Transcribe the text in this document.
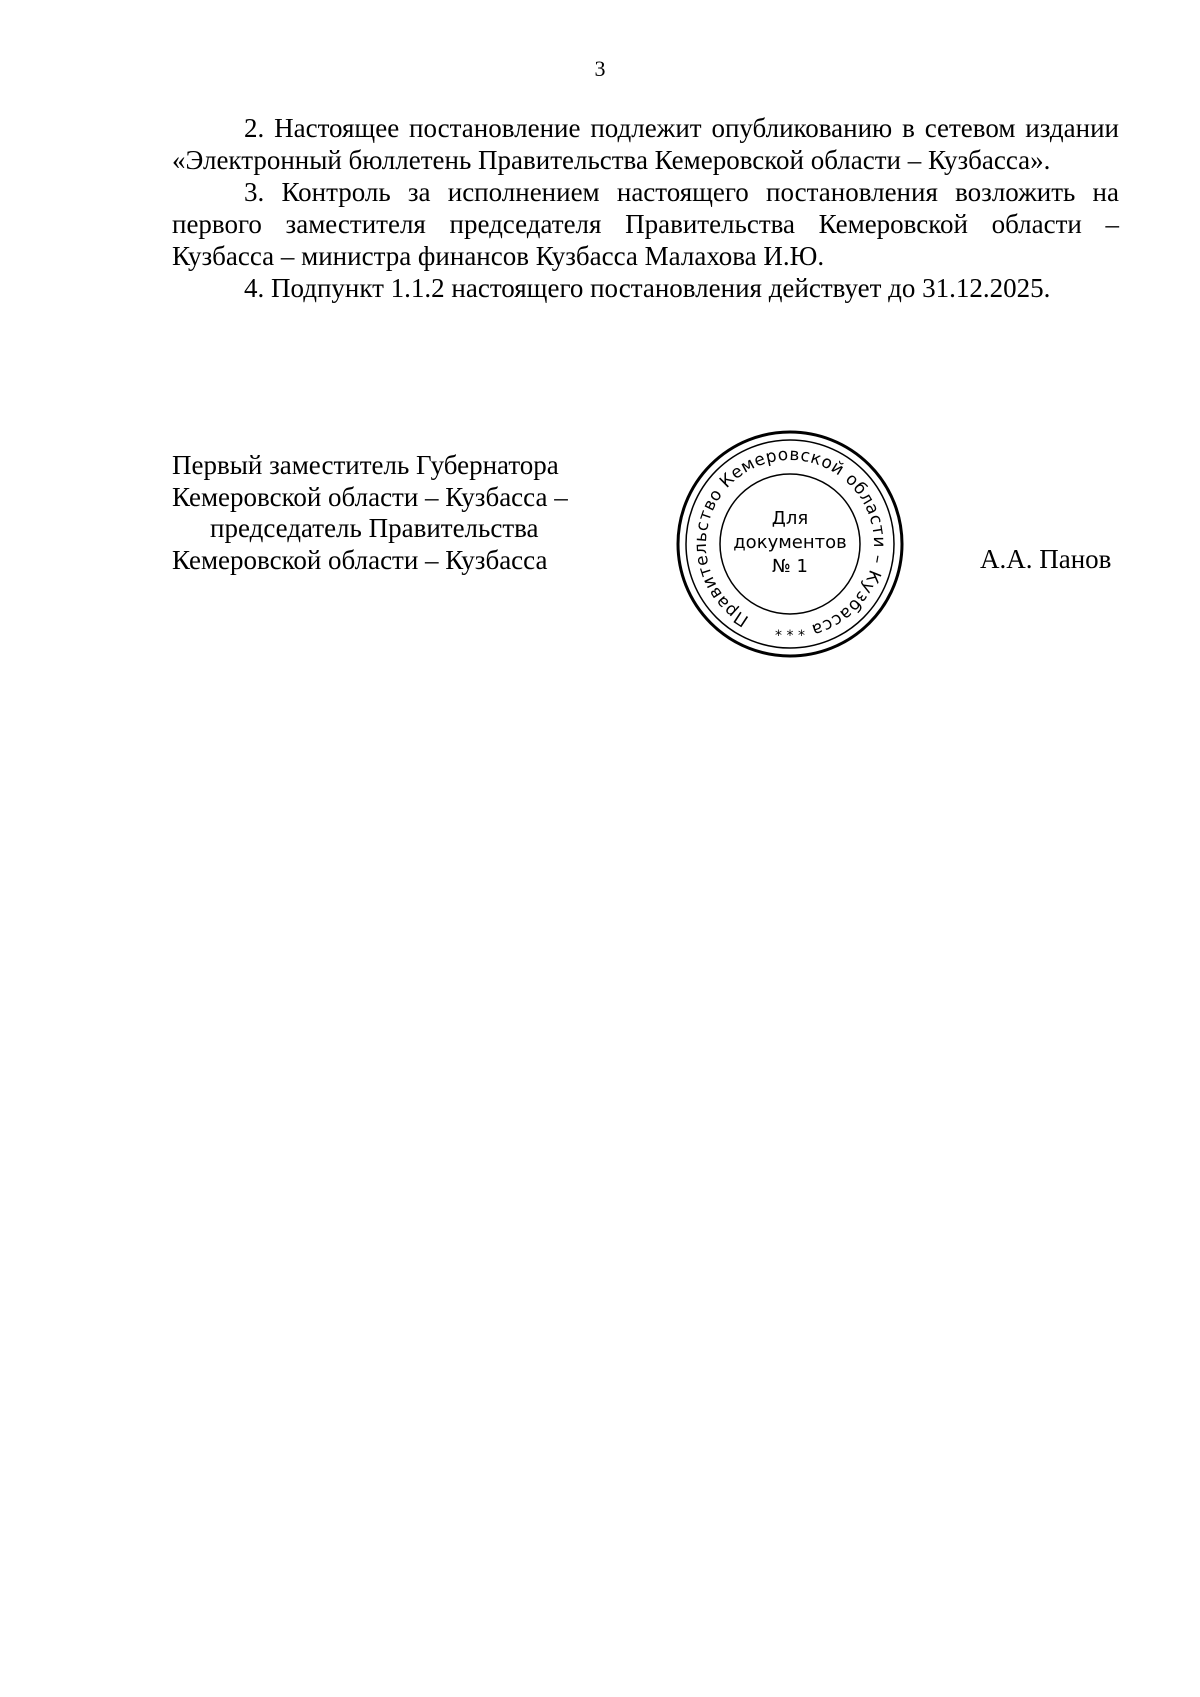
3

2. Настоящее постановление подлежит опубликованию в сетевом издании «Электронный бюллетень Правительства Кемеровской области – Кузбасса».

3. Контроль за исполнением настоящего постановления возложить на первого заместителя председателя Правительства Кемеровской области – Кузбасса – министра финансов Кузбасса Малахова И.Ю.

4. Подпункт 1.1.2 настоящего постановления действует до 31.12.2025.

Первый заместитель Губернатора
Кемеровской области – Кузбасса –
председатель Правительства
Кемеровской области – Кузбасса
Правительство Кемеровской области – Кузбасса
Для
документов
№ 1
* * *
А.А. Панов
